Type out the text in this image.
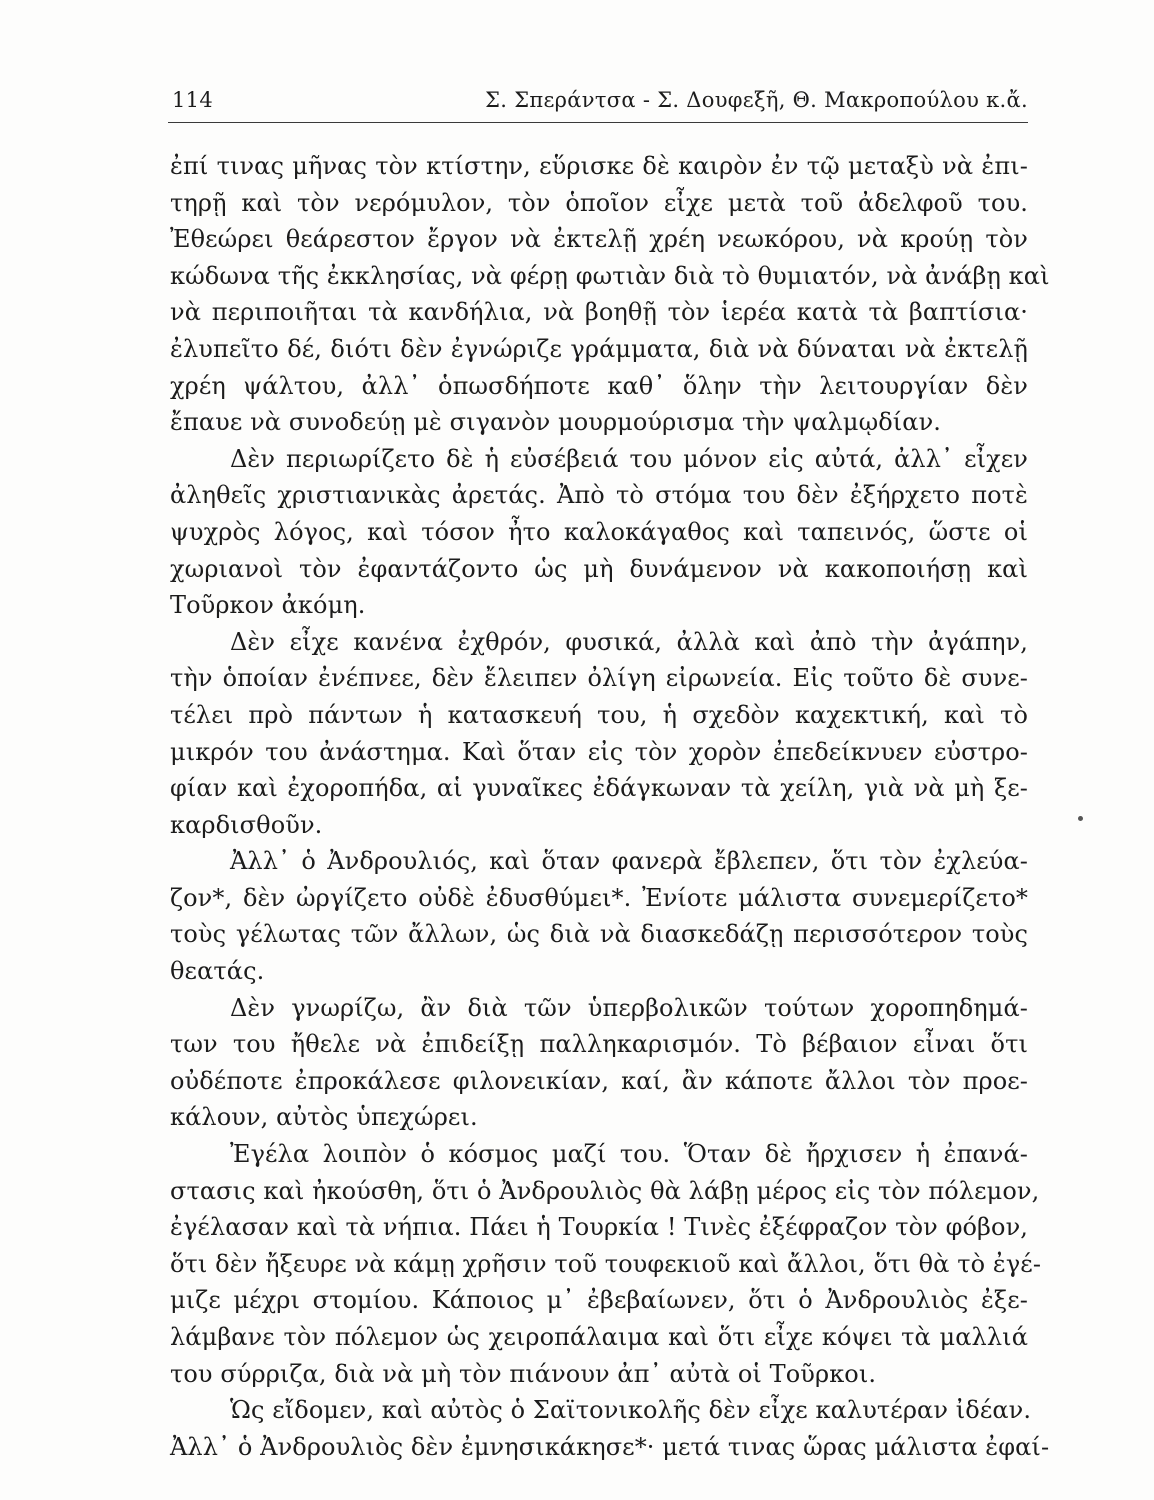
114	Σ. Σπεράντσα - Σ. Δουφεξῆ, Θ. Μακροπούλου κ.ἄ.
ἐπί τινας μῆνας τὸν κτίστην, εὕρισκε δὲ καιρὸν ἐν τῷ μεταξὺ νὰ ἐπι-
τηρῇ καὶ τὸν νερόμυλον, τὸν ὁποῖον εἶχε μετὰ τοῦ ἀδελφοῦ του.
Ἐθεώρει θεάρεστον ἔργον νὰ ἐκτελῇ χρέη νεωκόρου, νὰ κρούῃ τὸν
κώδωνα τῆς ἐκκλησίας, νὰ φέρῃ φωτιὰν διὰ τὸ θυμιατόν, νὰ ἀνάβῃ καὶ
νὰ περιποιῆται τὰ κανδήλια, νὰ βοηθῇ τὸν ἱερέα κατὰ τὰ βαπτίσια·
ἐλυπεῖτο δέ, διότι δὲν ἐγνώριζε γράμματα, διὰ νὰ δύναται νὰ ἐκτελῇ
χρέη ψάλτου, ἀλλ᾽ ὁπωσδήποτε καθ᾽ ὅλην τὴν λειτουργίαν δὲν
ἔπαυε νὰ συνοδεύῃ μὲ σιγανὸν μουρμούρισμα τὴν ψαλμῳδίαν.
Δὲν περιωρίζετο δὲ ἡ εὐσέβειά του μόνον εἰς αὐτά, ἀλλ᾽ εἶχεν
ἀληθεῖς χριστιανικὰς ἀρετάς. Ἀπὸ τὸ στόμα του δὲν ἐξήρχετο ποτὲ
ψυχρὸς λόγος, καὶ τόσον ἦτο καλοκάγαθος καὶ ταπεινός, ὥστε οἱ
χωριανοὶ τὸν ἐφαντάζοντο ὡς μὴ δυνάμενον νὰ κακοποιήσῃ καὶ
Τοῦρκον ἀκόμη.
Δὲν εἶχε κανένα ἐχθρόν, φυσικά, ἀλλὰ καὶ ἀπὸ τὴν ἀγάπην,
τὴν ὁποίαν ἐνέπνεε, δὲν ἔλειπεν ὀλίγη εἰρωνεία. Εἰς τοῦτο δὲ συνε-
τέλει πρὸ πάντων ἡ κατασκευή του, ἡ σχεδὸν καχεκτική, καὶ τὸ
μικρόν του ἀνάστημα. Καὶ ὅταν εἰς τὸν χορὸν ἐπεδείκνυεν εὐστρο-
φίαν καὶ ἐχοροπήδα, αἱ γυναῖκες ἐδάγκωναν τὰ χείλη, γιὰ νὰ μὴ ξε-
καρδισθοῦν.
Ἀλλ᾽ ὁ Ἀνδρουλιός, καὶ ὅταν φανερὰ ἔβλεπεν, ὅτι τὸν ἐχλεύα-
ζον*, δὲν ὠργίζετο οὐδὲ ἐδυσθύμει*. Ἐνίοτε μάλιστα συνεμερίζετο*
τοὺς γέλωτας τῶν ἄλλων, ὡς διὰ νὰ διασκεδάζῃ περισσότερον τοὺς
θεατάς.
Δὲν γνωρίζω, ἂν διὰ τῶν ὑπερβολικῶν τούτων χοροπηδημά-
των του ἤθελε νὰ ἐπιδείξῃ παλληκαρισμόν. Τὸ βέβαιον εἶναι ὅτι
οὐδέποτε ἐπροκάλεσε φιλονεικίαν, καί, ἂν κάποτε ἄλλοι τὸν προε-
κάλουν, αὐτὸς ὑπεχώρει.
Ἐγέλα λοιπὸν ὁ κόσμος μαζί του. Ὅταν δὲ ἤρχισεν ἡ ἐπανά-
στασις καὶ ἠκούσθη, ὅτι ὁ Ἀνδρουλιὸς θὰ λάβῃ μέρος εἰς τὸν πόλεμον,
ἐγέλασαν καὶ τὰ νήπια. Πάει ἡ Τουρκία ! Τινὲς ἐξέφραζον τὸν φόβον,
ὅτι δὲν ἤξευρε νὰ κάμῃ χρῆσιν τοῦ τουφεκιοῦ καὶ ἄλλοι, ὅτι θὰ τὸ ἐγέ-
μιζε μέχρι στομίου. Κάποιος μ᾽ ἐβεβαίωνεν, ὅτι ὁ Ἀνδρουλιὸς ἐξε-
λάμβανε τὸν πόλεμον ὡς χειροπάλαιμα καὶ ὅτι εἶχε κόψει τὰ μαλλιά
του σύρριζα, διὰ νὰ μὴ τὸν πιάνουν ἀπ᾽ αὐτὰ οἱ Τοῦρκοι.
Ὡς εἴδομεν, καὶ αὐτὸς ὁ Σαϊτονικολῆς δὲν εἶχε καλυτέραν ἰδέαν.
Ἀλλ᾽ ὁ Ἀνδρουλιὸς δὲν ἐμνησικάκησε*· μετά τινας ὥρας μάλιστα ἐφαί-
